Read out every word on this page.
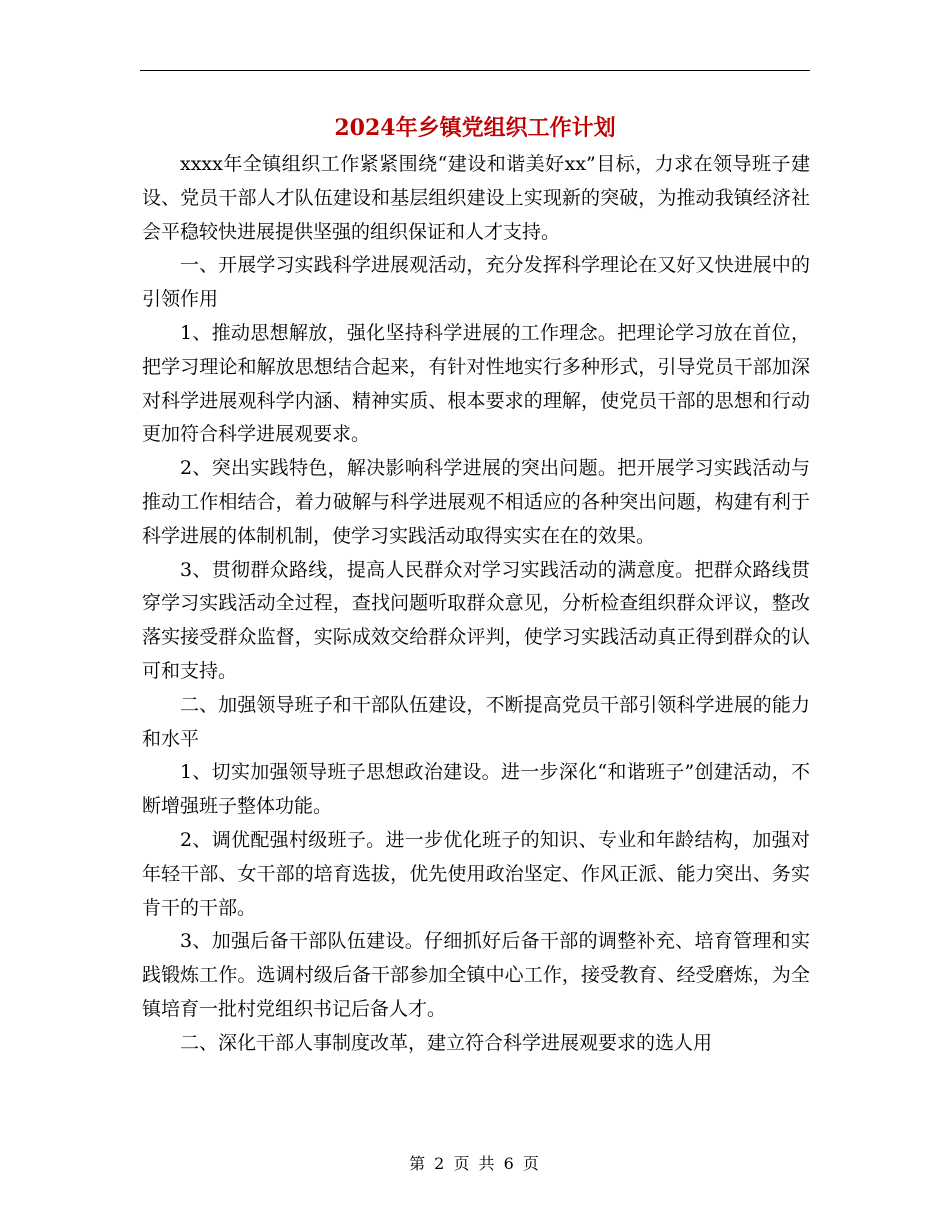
2024年乡镇党组织工作计划

xxxx年全镇组织工作紧紧围绕“建设和谐美好xx”目标，力求在领导班子建设、党员干部人才队伍建设和基层组织建设上实现新的突破，为推动我镇经济社会平稳较快进展提供坚强的组织保证和人才支持。

一、开展学习实践科学进展观活动，充分发挥科学理论在又好又快进展中的引领作用

1、推动思想解放，强化坚持科学进展的工作理念。把理论学习放在首位，把学习理论和解放思想结合起来，有针对性地实行多种形式，引导党员干部加深对科学进展观科学内涵、精神实质、根本要求的理解，使党员干部的思想和行动更加符合科学进展观要求。

2、突出实践特色，解决影响科学进展的突出问题。把开展学习实践活动与推动工作相结合，着力破解与科学进展观不相适应的各种突出问题，构建有利于科学进展的体制机制，使学习实践活动取得实实在在的效果。

3、贯彻群众路线，提高人民群众对学习实践活动的满意度。把群众路线贯穿学习实践活动全过程，查找问题听取群众意见，分析检查组织群众评议，整改落实接受群众监督，实际成效交给群众评判，使学习实践活动真正得到群众的认可和支持。

二、加强领导班子和干部队伍建设，不断提高党员干部引领科学进展的能力和水平

1、切实加强领导班子思想政治建设。进一步深化“和谐班子”创建活动，不断增强班子整体功能。

2、调优配强村级班子。进一步优化班子的知识、专业和年龄结构，加强对年轻干部、女干部的培育选拔，优先使用政治坚定、作风正派、能力突出、务实肯干的干部。

3、加强后备干部队伍建设。仔细抓好后备干部的调整补充、培育管理和实践锻炼工作。选调村级后备干部参加全镇中心工作，接受教育、经受磨炼，为全镇培育一批村党组织书记后备人才。

二、深化干部人事制度改革，建立符合科学进展观要求的选人用

第 2 页 共 6 页
